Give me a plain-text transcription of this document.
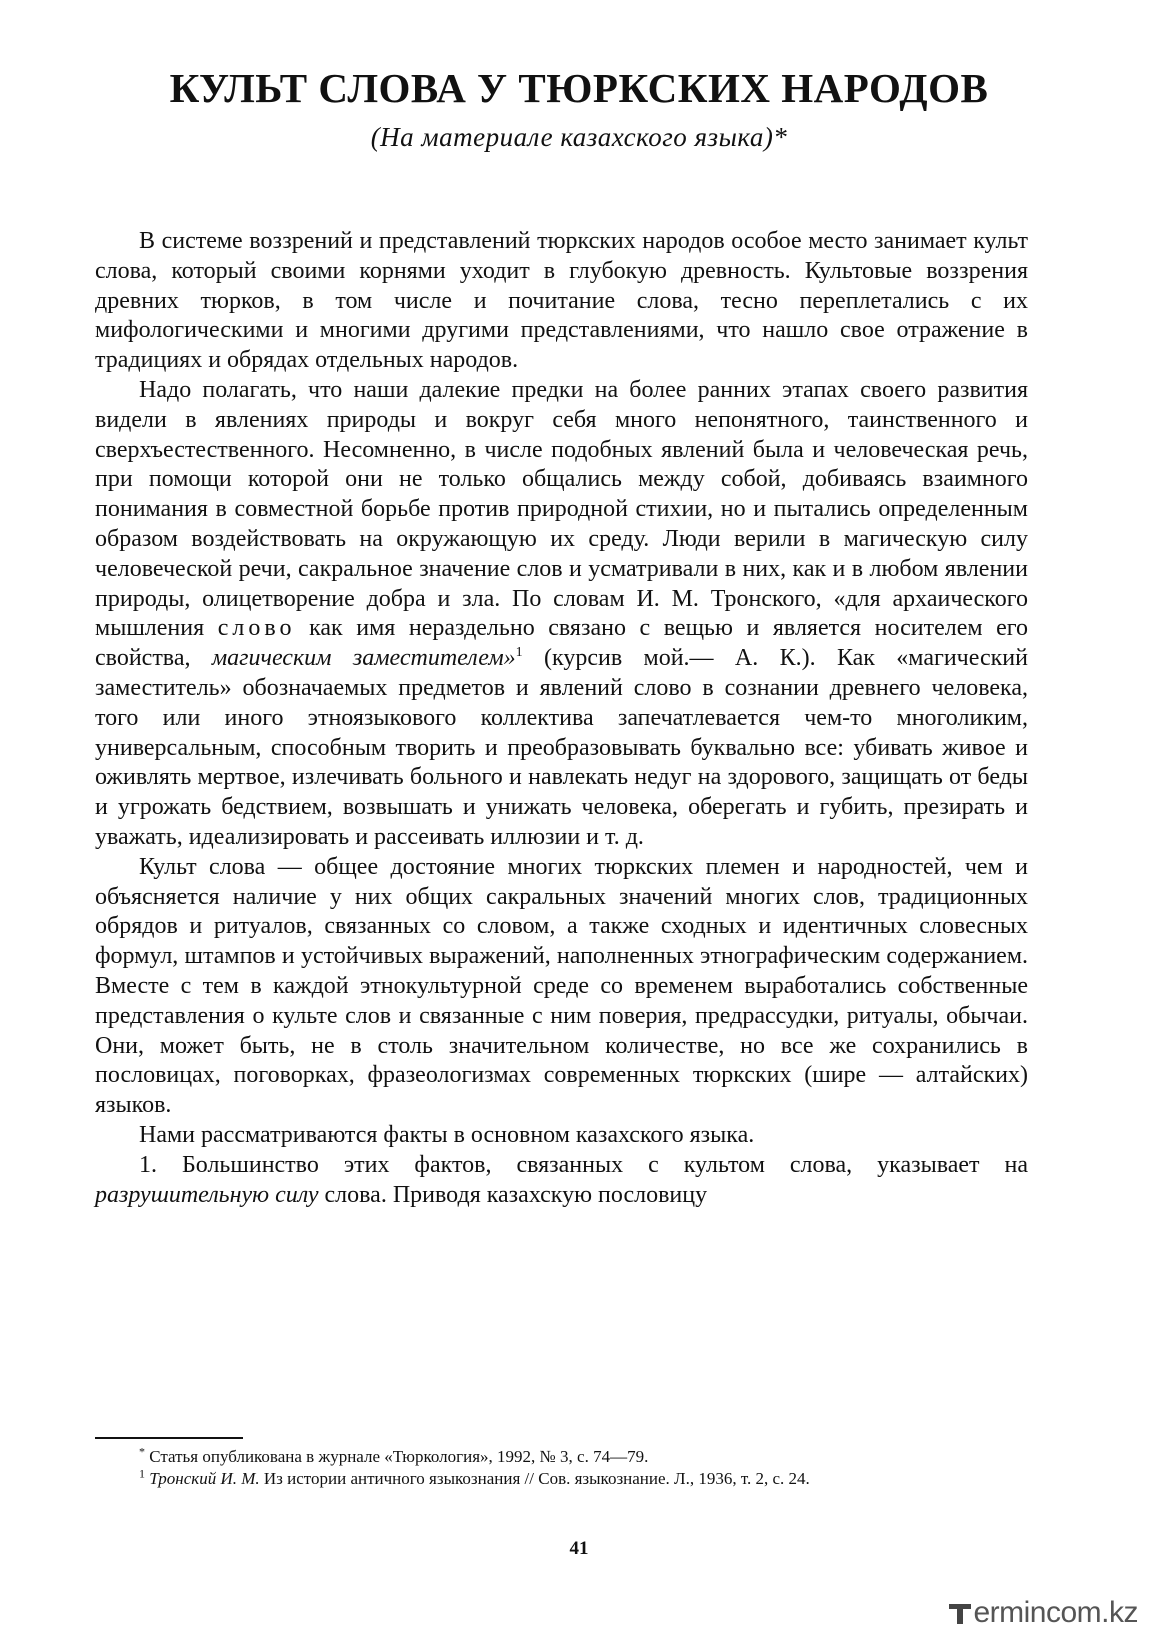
КУЛЬТ СЛОВА У ТЮРКСКИХ НАРОДОВ
(На материале казахского языка)*

В системе воззрений и представлений тюркских народов особое место занимает культ слова, который своими корнями уходит в глубокую древность. Культовые воззрения древних тюрков, в том числе и почитание слова, тесно переплетались с их мифологическими и многими другими представлениями, что нашло свое отражение в традициях и обрядах отдельных народов.

Надо полагать, что наши далекие предки на более ранних этапах своего развития видели в явлениях природы и вокруг себя много непонятного, таинственного и сверхъестественного. Несомненно, в числе подобных явлений была и человеческая речь, при помощи которой они не только общались между собой, добиваясь взаимного понимания в совместной борьбе против природной стихии, но и пытались определенным образом воздействовать на окружающую их среду. Люди верили в магическую силу человеческой речи, сакральное значение слов и усматривали в них, как и в любом явлении природы, олицетворение добра и зла. По словам И. М. Тронского, «для архаического мышления слово как имя нераздельно связано с вещью и является носителем его свойства, магическим заместителем»$^1$ (курсив мой.— А. К.). Как «магический заместитель» обозначаемых предметов и явлений слово в сознании древнего человека, того или иного этноязыкового коллектива запечатлевается чем-то многоликим, универсальным, способным творить и преобразовывать буквально все: убивать живое и оживлять мертвое, излечивать больного и навлекать недуг на здорового, защищать от беды и угрожать бедствием, возвышать и унижать человека, оберегать и губить, презирать и уважать, идеализировать и рассеивать иллюзии и т. д.

Культ слова — общее достояние многих тюркских племен и народностей, чем и объясняется наличие у них общих сакральных значений многих слов, традиционных обрядов и ритуалов, связанных со словом, а также сходных и идентичных словесных формул, штампов и устойчивых выражений, наполненных этнографическим содержанием. Вместе с тем в каждой этнокультурной среде со временем выработались собственные представления о культе слов и связанные с ним поверия, предрассудки, ритуалы, обычаи. Они, может быть, не в столь значительном количестве, но все же сохранились в пословицах, поговорках, фразеологизмах современных тюркских (шире — алтайских) языков.

Нами рассматриваются факты в основном казахского языка.

1. Большинство этих фактов, связанных с культом слова, указывает на разрушительную силу слова. Приводя казахскую пословицу

* Статья опубликована в журнале «Тюркология», 1992, № 3, с. 74—79.

$^1$ Тронский И. М. Из истории античного языкознания // Сов. языкознание. Л., 1936, т. 2, с. 24.

41
ermincom.kz
